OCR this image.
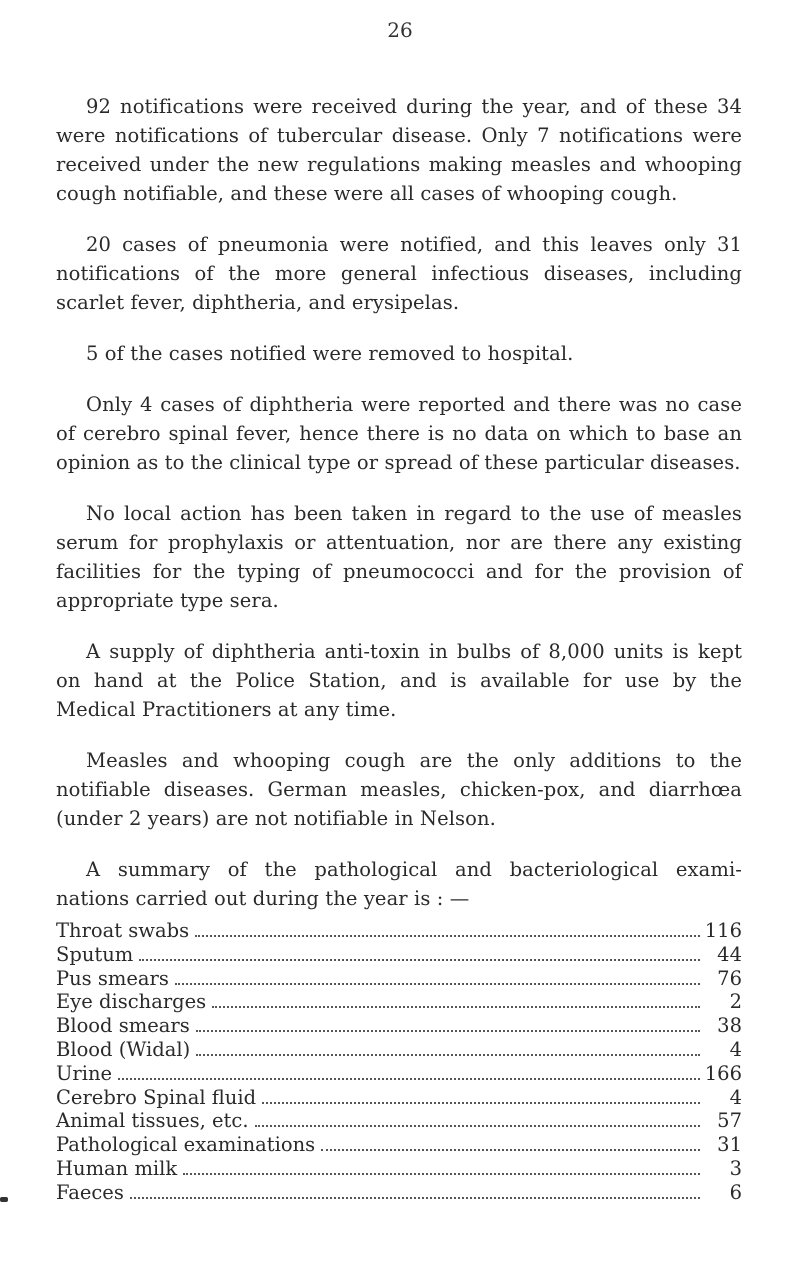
26

92 notifications were received during the year, and of these 34 were notifications of tubercular disease. Only 7 notifications were received under the new regulations making measles and whooping cough notifiable, and these were all cases of whooping cough.

20 cases of pneumonia were notified, and this leaves only 31 notifications of the more general infectious diseases, including scarlet fever, diphtheria, and erysipelas.

5 of the cases notified were removed to hospital.

Only 4 cases of diphtheria were reported and there was no case of cerebro spinal fever, hence there is no data on which to base an opinion as to the clinical type or spread of these particular diseases.

No local action has been taken in regard to the use of measles serum for prophylaxis or attentuation, nor are there any existing facilities for the typing of pneumococci and for the provision of appropriate type sera.

A supply of diphtheria anti-toxin in bulbs of 8,000 units is kept on hand at the Police Station, and is available for use by the Medical Practitioners at any time.

Measles and whooping cough are the only additions to the notifiable diseases. German measles, chicken-pox, and diarrhœa (under 2 years) are not notifiable in Nelson.

A summary of the pathological and bacteriological exami- nations carried out during the year is : —

Throat swabs	116
Sputum	44
Pus smears	76
Eye discharges	2
Blood smears	38
Blood (Widal)	4
Urine	166
Cerebro Spinal fluid	4
Animal tissues, etc.	57
Pathological examinations	31
Human milk	3
Faeces	6
